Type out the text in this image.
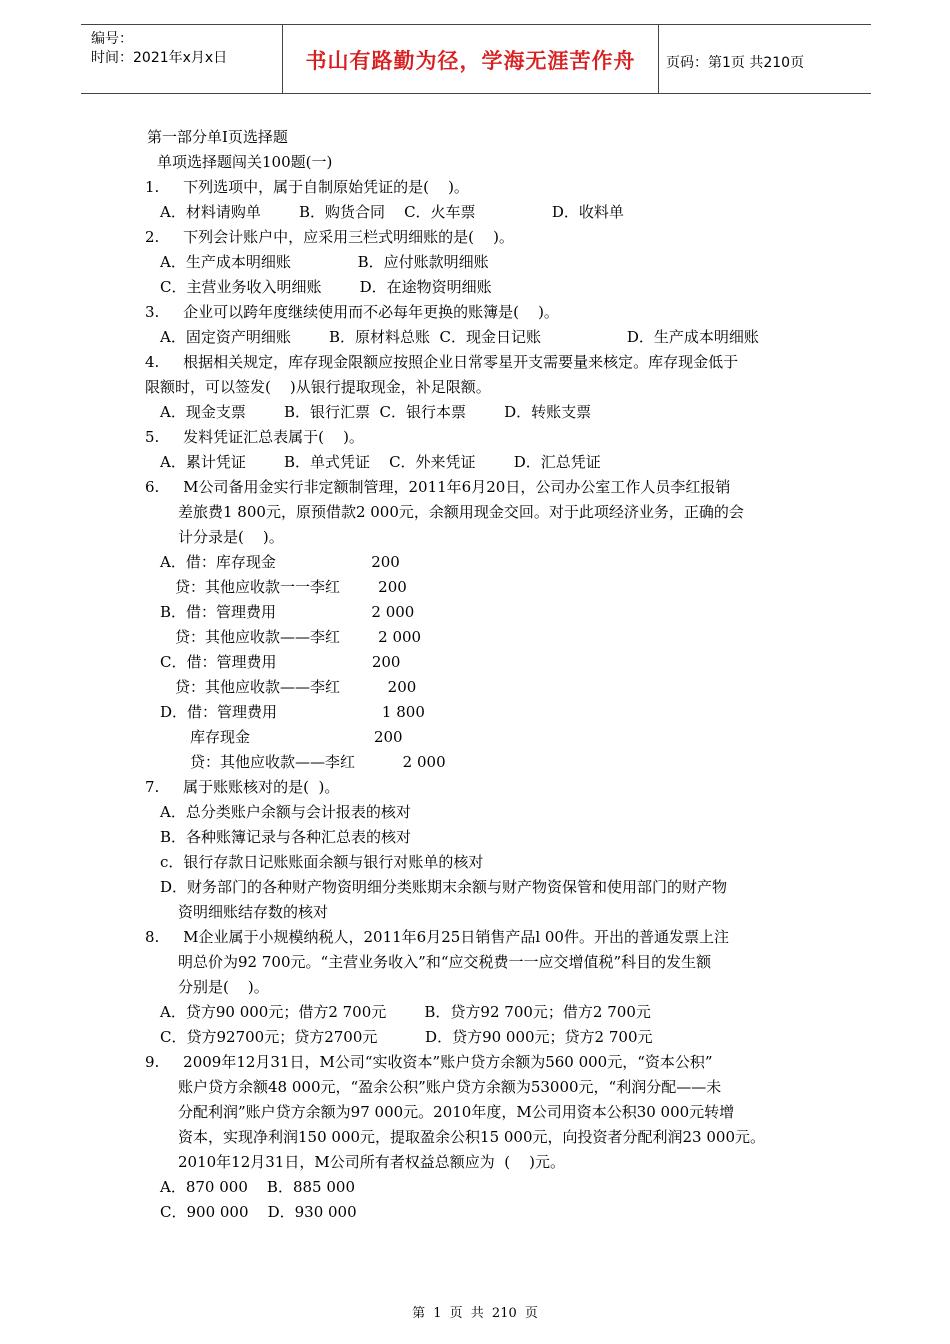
编号：
时间：2021年x月x日	书山有路勤为径，学海无涯苦作舟	页码：第1页 共210页
第一部分单I页选择题
单项选择题闯关100题(一)
1.     下列选项中，属于自制原始凭证的是(    )。
A．材料请购单        B．购货合同    C．火车票                D．收料单
2.     下列会计账户中，应采用三栏式明细账的是(    )。
A．生产成本明细账              B．应付账款明细账
C．主营业务收入明细账        D．在途物资明细账
3.     企业可以跨年度继续使用而不必每年更换的账簿是(    )。
A．固定资产明细账        B．原材料总账  C．现金日记账                  D．生产成本明细账
4.     根据相关规定，库存现金限额应按照企业日常零星开支需要量来核定。库存现金低于
限额时，可以签发(    )从银行提取现金，补足限额。
A．现金支票        B．银行汇票  C．银行本票        D．转账支票
5.     发料凭证汇总表属于(    )。
A．累计凭证        B．单式凭证    C．外来凭证        D．汇总凭证
6.     M公司备用金实行非定额制管理，2011年6月20日，公司办公室工作人员李红报销
差旅费1 800元，原预借款2 000元，余额用现金交回。对于此项经济业务，正确的会
计分录是(    )。
A．借：库存现金                    200
贷：其他应收款一一李红        200
B．借：管理费用                    2 000
贷：其他应收款——李红        2 000
C．借：管理费用                    200
贷：其他应收款——李红          200
D．借：管理费用                      1 800
库存现金                          200
贷：其他应收款——李红          2 000
7.     属于账账核对的是(  )。
A．总分类账户余额与会计报表的核对
B．各种账簿记录与各种汇总表的核对
c．银行存款日记账账面余额与银行对账单的核对
D．财务部门的各种财产物资明细分类账期末余额与财产物资保管和使用部门的财产物
资明细账结存数的核对
8.     M企业属于小规模纳税人，2011年6月25日销售产品l 00件。开出的普通发票上注
明总价为92 700元。“主营业务收入”和“应交税费一一应交增值税”科目的发生额
分别是(    )。
A．贷方90 000元；借方2 700元        B．贷方92 700元；借方2 700元
C．贷方92700元；贷方2700元          D．贷方90 000元；贷方2 700元
9.     2009年12月31日，M公司“实收资本”账户贷方余额为560 000元，“资本公积”
账户贷方余额48 000元，“盈余公积”账户贷方余额为53000元，“利润分配——未
分配利润”账户贷方余额为97 000元。2010年度，M公司用资本公积30 000元转增
资本，实现净利润150 000元，提取盈余公积15 000元，向投资者分配利润23 000元。
2010年12月31日，M公司所有者权益总额应为  (    )元。
A．870 000    B．885 000
C．900 000    D．930 000
第 1 页 共 210 页
